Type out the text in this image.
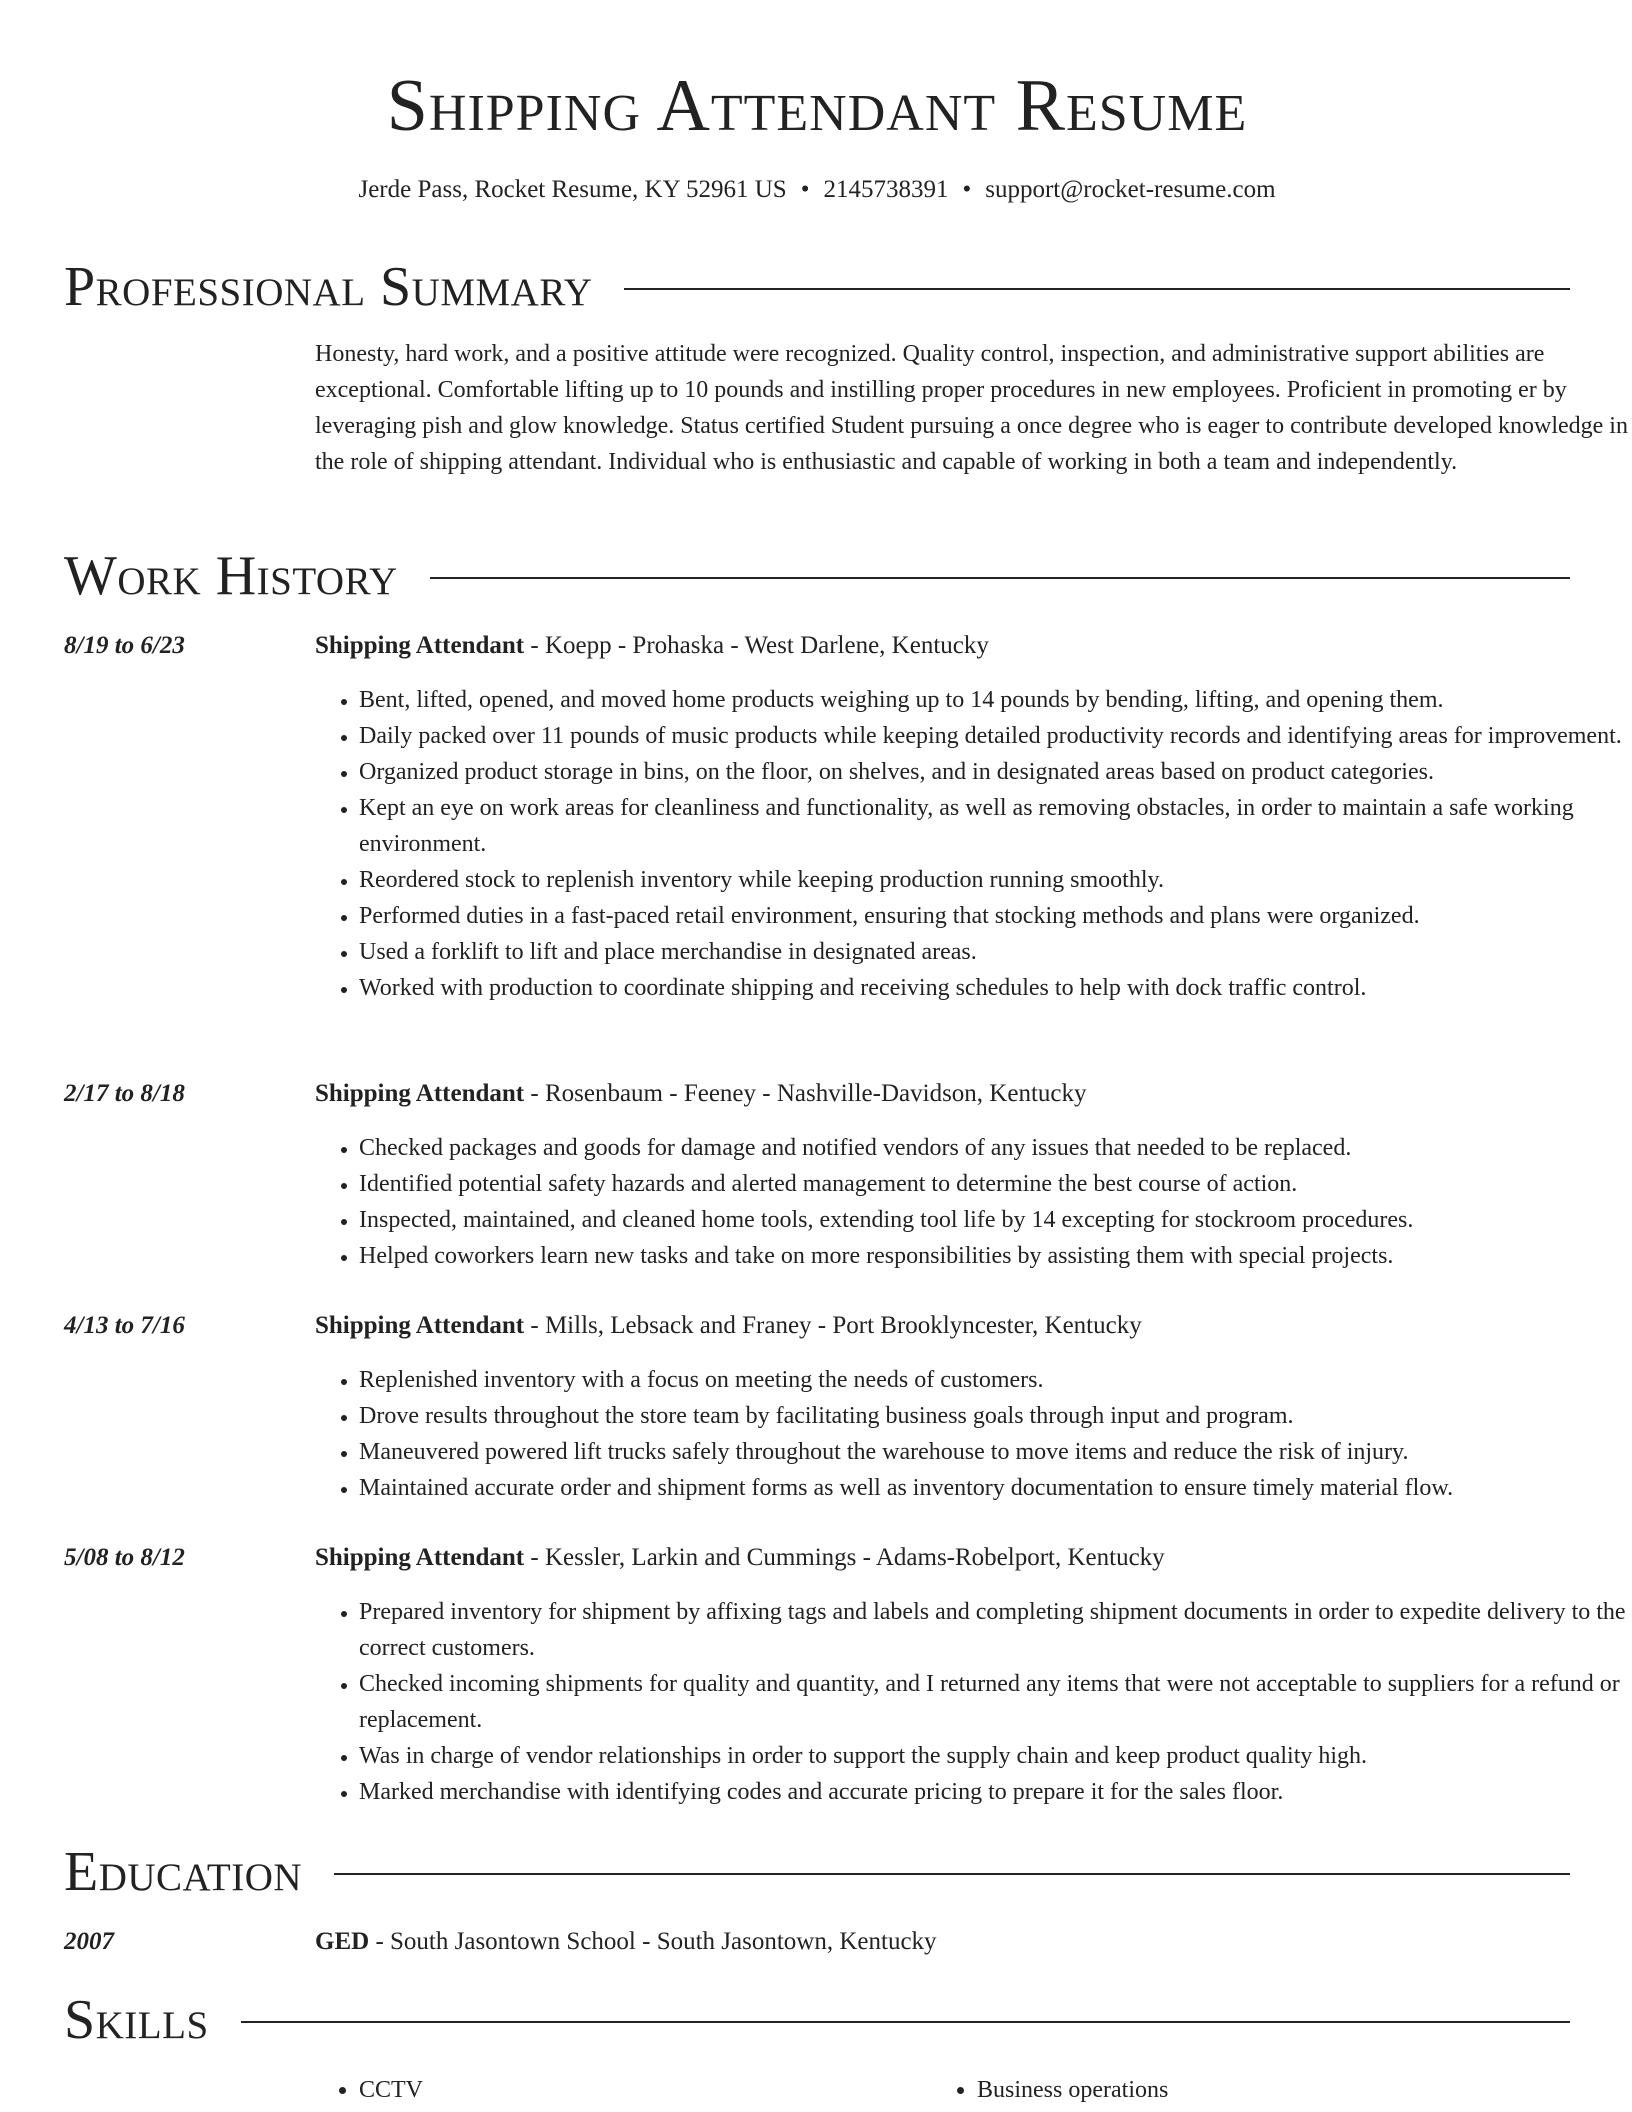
Shipping Attendant Resume
Jerde Pass, Rocket Resume, KY 52961 US • 2145738391 • support@rocket-resume.com
Professional Summary

Honesty, hard work, and a positive attitude were recognized. Quality control, inspection, and administrative support abilities are exceptional. Comfortable lifting up to 10 pounds and instilling proper procedures in new employees. Proficient in promoting er by leveraging pish and glow knowledge. Status certified Student pursuing a once degree who is eager to contribute developed knowledge in the role of shipping attendant. Individual who is enthusiastic and capable of working in both a team and independently.

Work History
8/19 to 6/23	Shipping Attendant - Koepp - Prohaska - West Darlene, Kentucky
• Bent, lifted, opened, and moved home products weighing up to 14 pounds by bending, lifting, and opening them.
• Daily packed over 11 pounds of music products while keeping detailed productivity records and identifying areas for improvement.
• Organized product storage in bins, on the floor, on shelves, and in designated areas based on product categories.
• Kept an eye on work areas for cleanliness and functionality, as well as removing obstacles, in order to maintain a safe working environment.
• Reordered stock to replenish inventory while keeping production running smoothly.
• Performed duties in a fast-paced retail environment, ensuring that stocking methods and plans were organized.
• Used a forklift to lift and place merchandise in designated areas.
• Worked with production to coordinate shipping and receiving schedules to help with dock traffic control.
2/17 to 8/18	Shipping Attendant - Rosenbaum - Feeney - Nashville-Davidson, Kentucky
• Checked packages and goods for damage and notified vendors of any issues that needed to be replaced.
• Identified potential safety hazards and alerted management to determine the best course of action.
• Inspected, maintained, and cleaned home tools, extending tool life by 14 excepting for stockroom procedures.
• Helped coworkers learn new tasks and take on more responsibilities by assisting them with special projects.
4/13 to 7/16	Shipping Attendant - Mills, Lebsack and Franey - Port Brooklyncester, Kentucky
• Replenished inventory with a focus on meeting the needs of customers.
• Drove results throughout the store team by facilitating business goals through input and program.
• Maneuvered powered lift trucks safely throughout the warehouse to move items and reduce the risk of injury.
• Maintained accurate order and shipment forms as well as inventory documentation to ensure timely material flow.
5/08 to 8/12	Shipping Attendant - Kessler, Larkin and Cummings - Adams-Robelport, Kentucky
• Prepared inventory for shipment by affixing tags and labels and completing shipment documents in order to expedite delivery to the correct customers.
• Checked incoming shipments for quality and quantity, and I returned any items that were not acceptable to suppliers for a refund or replacement.
• Was in charge of vendor relationships in order to support the supply chain and keep product quality high.
• Marked merchandise with identifying codes and accurate pricing to prepare it for the sales floor.
Education
2007	GED - South Jasontown School - South Jasontown, Kentucky
Skills
• CCTV
•	Business operations
